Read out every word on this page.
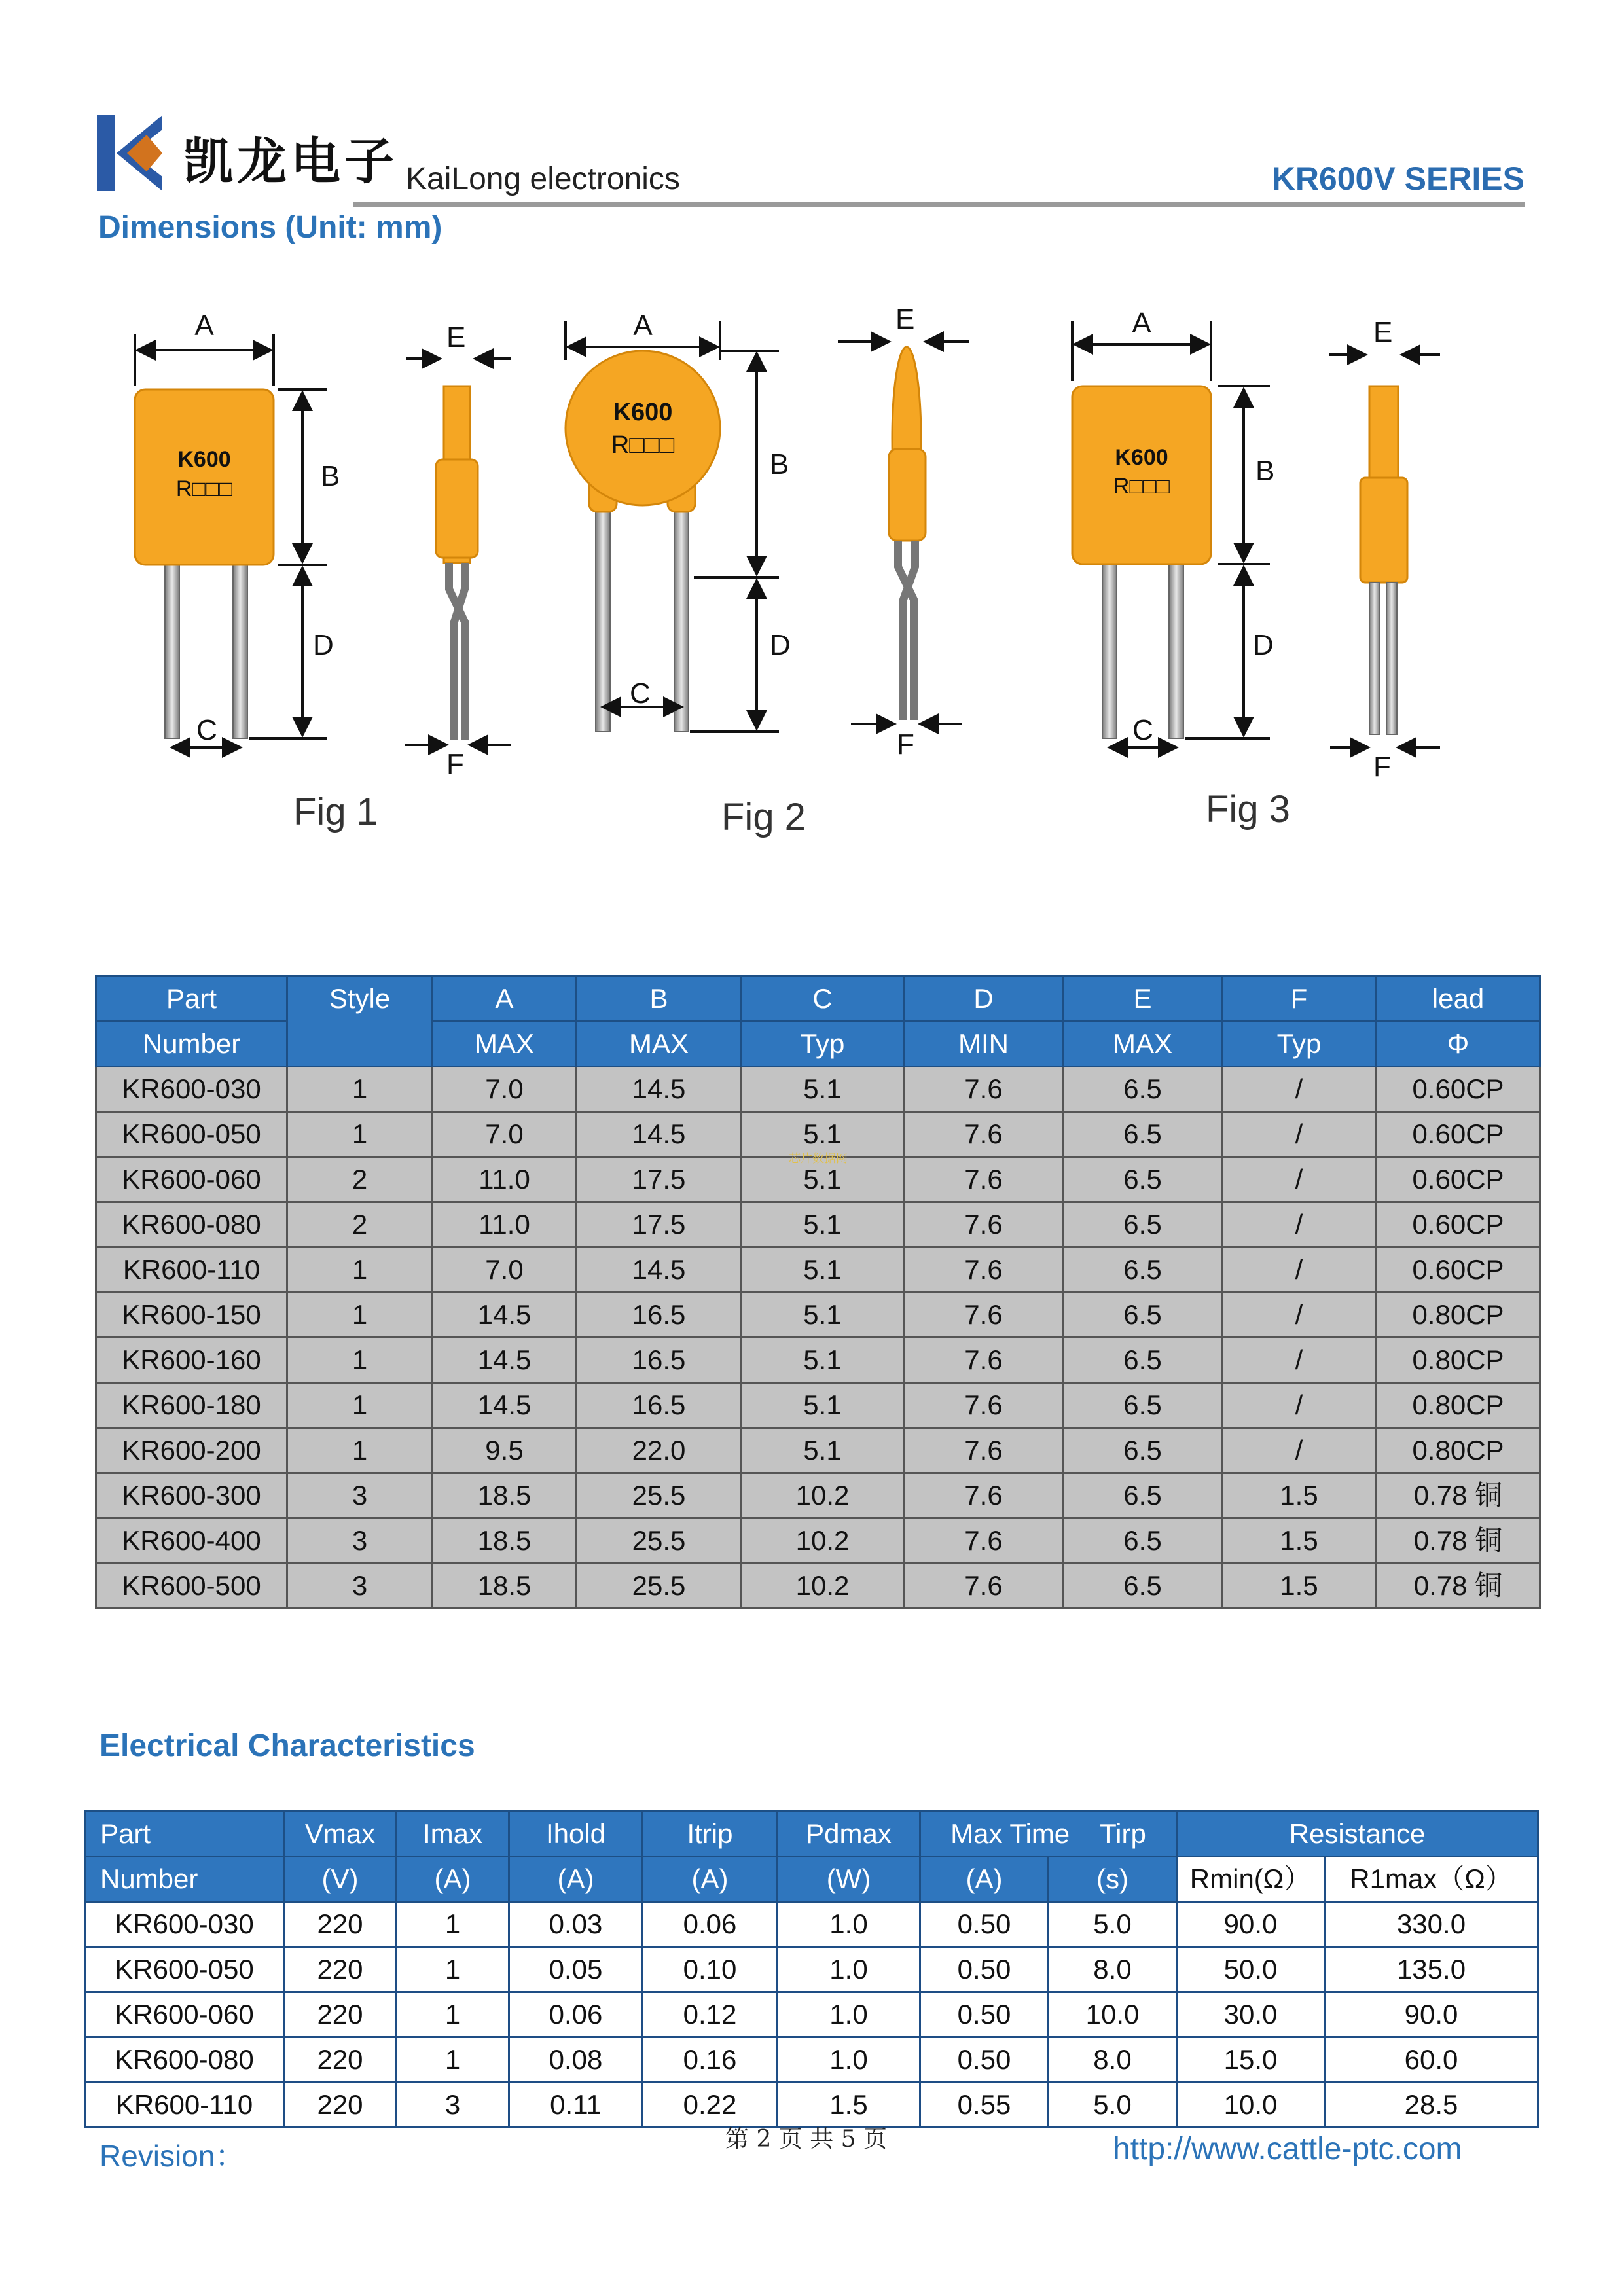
凯龙电子 KaiLong electronics	KR600V SERIES
Dimensions (Unit: mm)
K600
R□□□
A
B
D
C
Fig 1
E
F
K600
R□□□
A
B
D
C
Fig 2
E
F
K600
R□□□
A
B
D
C
Fig 3
E
F
Part	Style	A	B	C	D	E	F	lead
Number		MAX	MAX	Typ	MIN	MAX	Typ	Φ
KR600-030	1	7.0	14.5	5.1	7.6	6.5	/	0.60CP
KR600-050	1	7.0	14.5	5.1	7.6	6.5	/	0.60CP
KR600-060	2	11.0	17.5	5.1	7.6	6.5	/	0.60CP
KR600-080	2	11.0	17.5	5.1	7.6	6.5	/	0.60CP
KR600-110	1	7.0	14.5	5.1	7.6	6.5	/	0.60CP
KR600-150	1	14.5	16.5	5.1	7.6	6.5	/	0.80CP
KR600-160	1	14.5	16.5	5.1	7.6	6.5	/	0.80CP
KR600-180	1	14.5	16.5	5.1	7.6	6.5	/	0.80CP
KR600-200	1	9.5	22.0	5.1	7.6	6.5	/	0.80CP
KR600-300	3	18.5	25.5	10.2	7.6	6.5	1.5	0.78 铜
KR600-400	3	18.5	25.5	10.2	7.6	6.5	1.5	0.78 铜
KR600-500	3	18.5	25.5	10.2	7.6	6.5	1.5	0.78 铜
芯片数据网
Electrical Characteristics
Part	Vmax	Imax	Ihold	Itrip	Pdmax	Max Time    Tirp		Resistance	
Number	(V)	(A)	(A)	(A)	(W)	(A)	(s)	Rmin(Ω）	R1max（Ω）
KR600-030	220	1	0.03	0.06	1.0	0.50	5.0	90.0	330.0
KR600-050	220	1	0.05	0.10	1.0	0.50	8.0	50.0	135.0
KR600-060	220	1	0.06	0.12	1.0	0.50	10.0	30.0	90.0
KR600-080	220	1	0.08	0.16	1.0	0.50	8.0	15.0	60.0
KR600-110	220	3	0.11	0.22	1.5	0.55	5.0	10.0	28.5
Revision：	第 2 页 共 5 页	http://www.cattle-ptc.com
